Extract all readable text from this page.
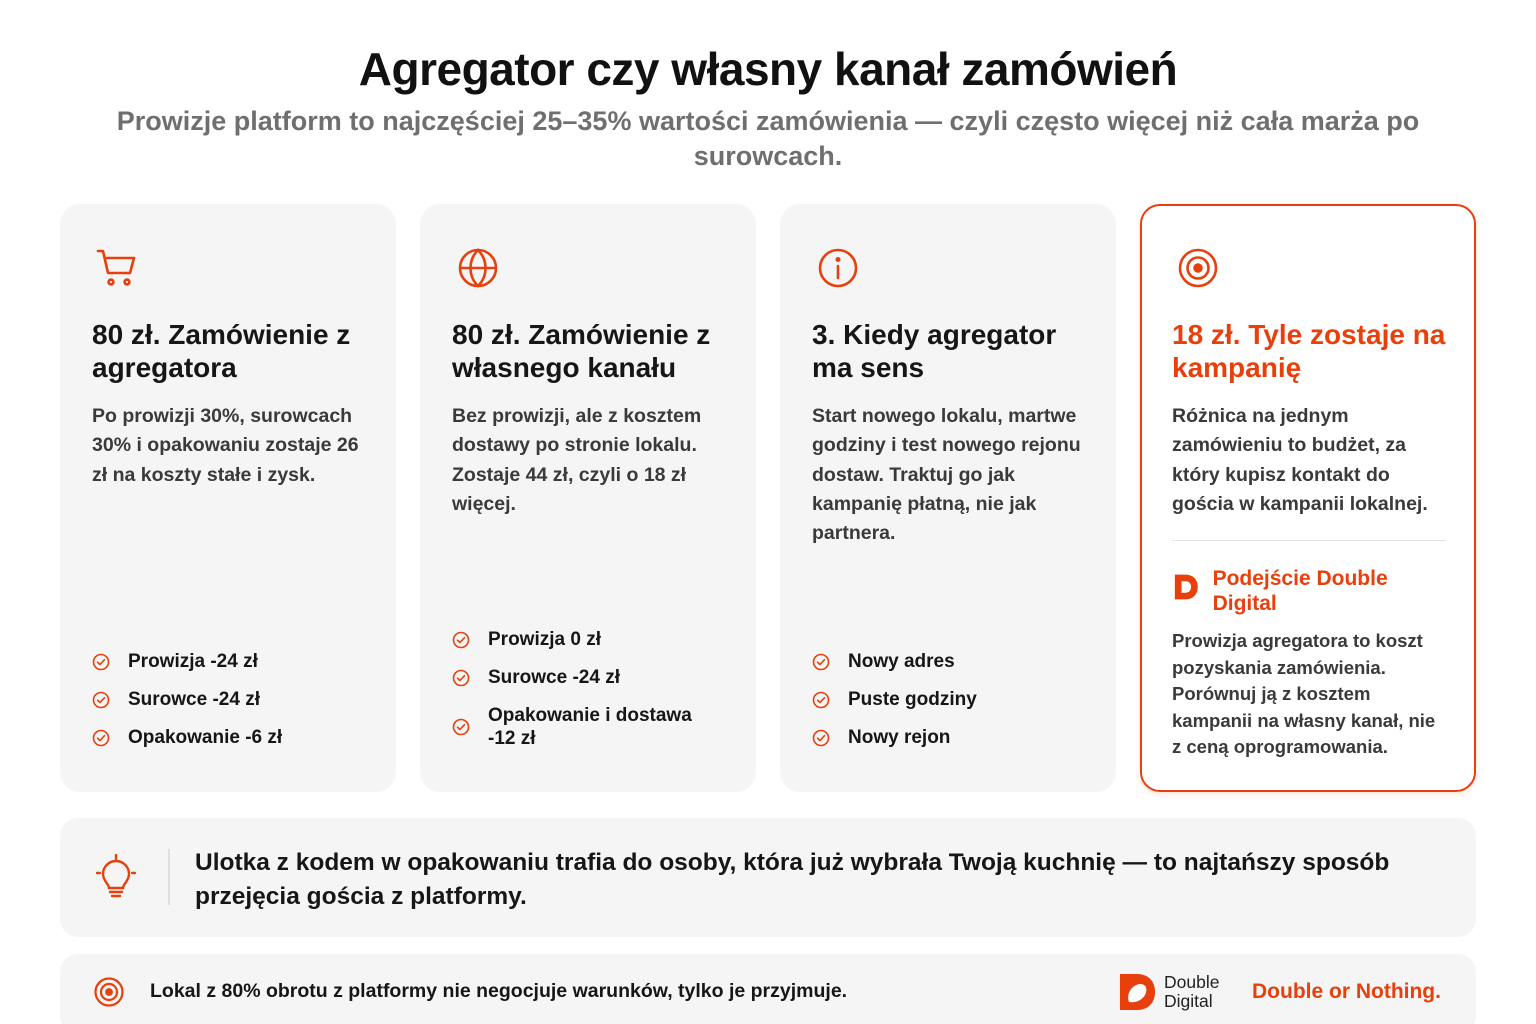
Agregator czy własny kanał zamówień
Prowizje platform to najczęściej 25–35% wartości zamówienia — czyli często więcej niż cała marża po surowcach.
80 zł. Zamówienie z agregatora
Po prowizji 30%, surowcach 30% i opakowaniu zostaje 26 zł na koszty stałe i zysk.
Prowizja -24 zł
Surowce -24 zł
Opakowanie -6 zł
80 zł. Zamówienie z własnego kanału
Bez prowizji, ale z kosztem dostawy po stronie lokalu. Zostaje 44 zł, czyli o 18 zł więcej.
Prowizja 0 zł
Surowce -24 zł
Opakowanie i dostawa -12 zł
3. Kiedy agregator ma sens
Start nowego lokalu, martwe godziny i test nowego rejonu dostaw. Traktuj go jak kampanię płatną, nie jak partnera.
Nowy adres
Puste godziny
Nowy rejon
18 zł. Tyle zostaje na kampanię
Różnica na jednym zamówieniu to budżet, za który kupisz kontakt do gościa w kampanii lokalnej.
Podejście Double Digital
Prowizja agregatora to koszt pozyskania zamówienia. Porównuj ją z kosztem kampanii na własny kanał, nie z ceną oprogramowania.
Ulotka z kodem w opakowaniu trafia do osoby, która już wybrała Twoją kuchnię — to najtańszy sposób przejęcia gościa z platformy.
Lokal z 80% obrotu z platformy nie negocjuje warunków, tylko je przyjmuje.	Double
Digital	Double or Nothing.
